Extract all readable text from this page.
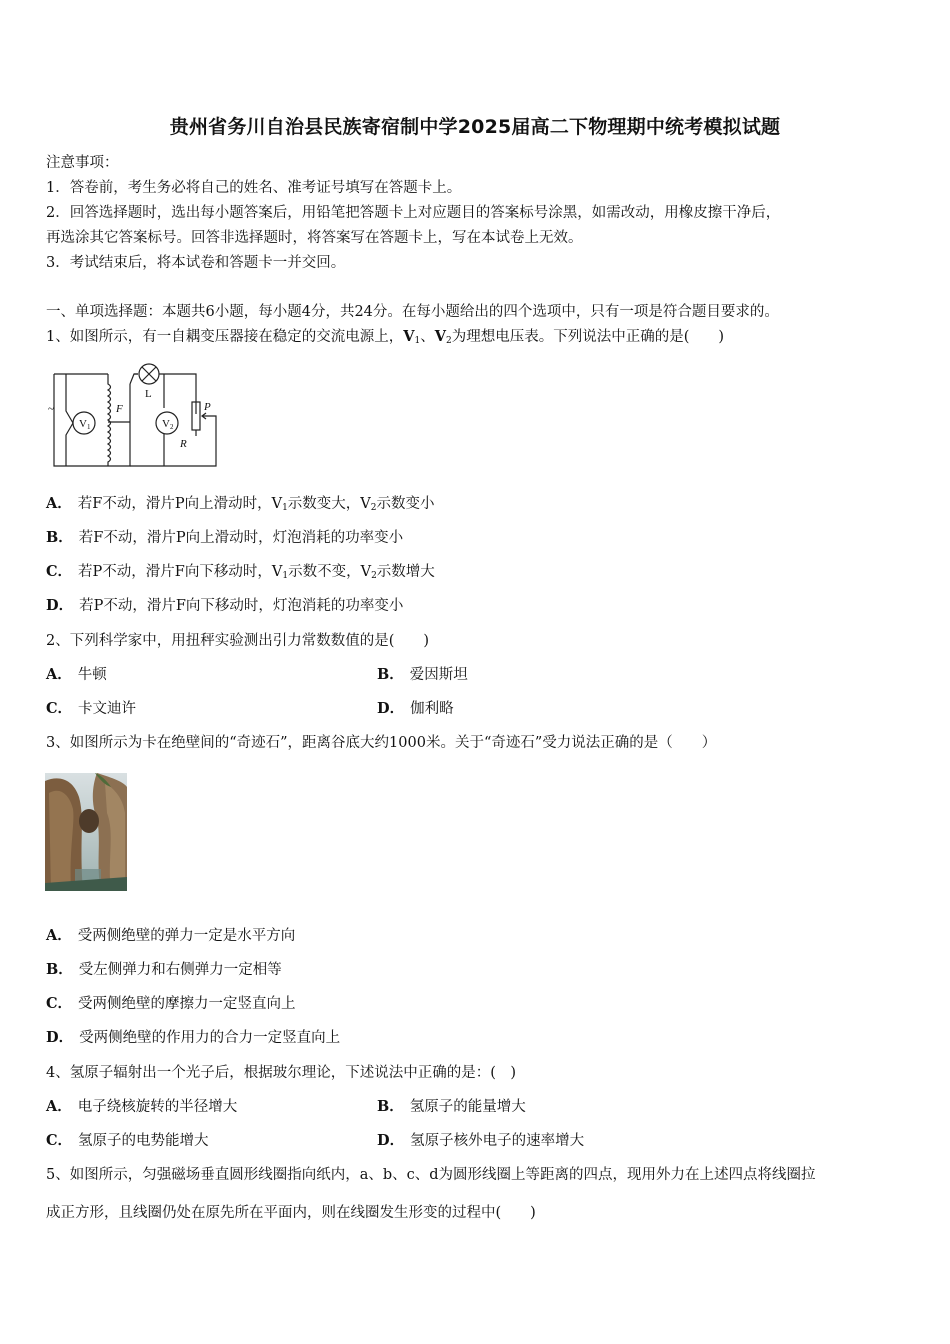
贵州省务川自治县民族寄宿制中学2025届高二下物理期中统考模拟试题
注意事项：
1．答卷前，考生务必将自己的姓名、准考证号填写在答题卡上。
2．回答选择题时，选出每小题答案后，用铅笔把答题卡上对应题目的答案标号涂黑，如需改动，用橡皮擦干净后，
再选涂其它答案标号。回答非选择题时，将答案写在答题卡上，写在本试卷上无效。
3．考试结束后，将本试卷和答题卡一并交回。
一、单项选择题：本题共6小题，每小题4分，共24分。在每小题给出的四个选项中，只有一项是符合题目要求的。
1、如图所示，有一自耦变压器接在稳定的交流电源上，$V_1$、$V_2$为理想电压表。下列说法中正确的是(　　)
~
V 1	V 2
L
F	P
R
A． 若F不动，滑片P向上滑动时，$V_1$示数变大，$V_2$示数变小
B． 若F不动，滑片P向上滑动时，灯泡消耗的功率变小
C． 若P不动，滑片F向下移动时，$V_1$示数不变，$V_2$示数增大
D． 若P不动，滑片F向下移动时，灯泡消耗的功率变小
2、下列科学家中，用扭秤实验测出引力常数数值的是(　　)
A． 牛顿	B． 爱因斯坦
C． 卡文迪许	D． 伽利略
3、如图所示为卡在绝壁间的“奇迹石”，距离谷底大约1000米。关于“奇迹石”受力说法正确的是（　　）
A． 受两侧绝壁的弹力一定是水平方向
B． 受左侧弹力和右侧弹力一定相等
C． 受两侧绝壁的摩擦力一定竖直向上
D． 受两侧绝壁的作用力的合力一定竖直向上
4、氢原子辐射出一个光子后，根据玻尔理论，下述说法中正确的是：(　)
A． 电子绕核旋转的半径增大	B． 氢原子的能量增大
C． 氢原子的电势能增大	D． 氢原子核外电子的速率增大
5、如图所示，匀强磁场垂直圆形线圈指向纸内，a、b、c、d为圆形线圈上等距离的四点，现用外力在上述四点将线圈拉
成正方形，且线圈仍处在原先所在平面内，则在线圈发生形变的过程中(　　)
